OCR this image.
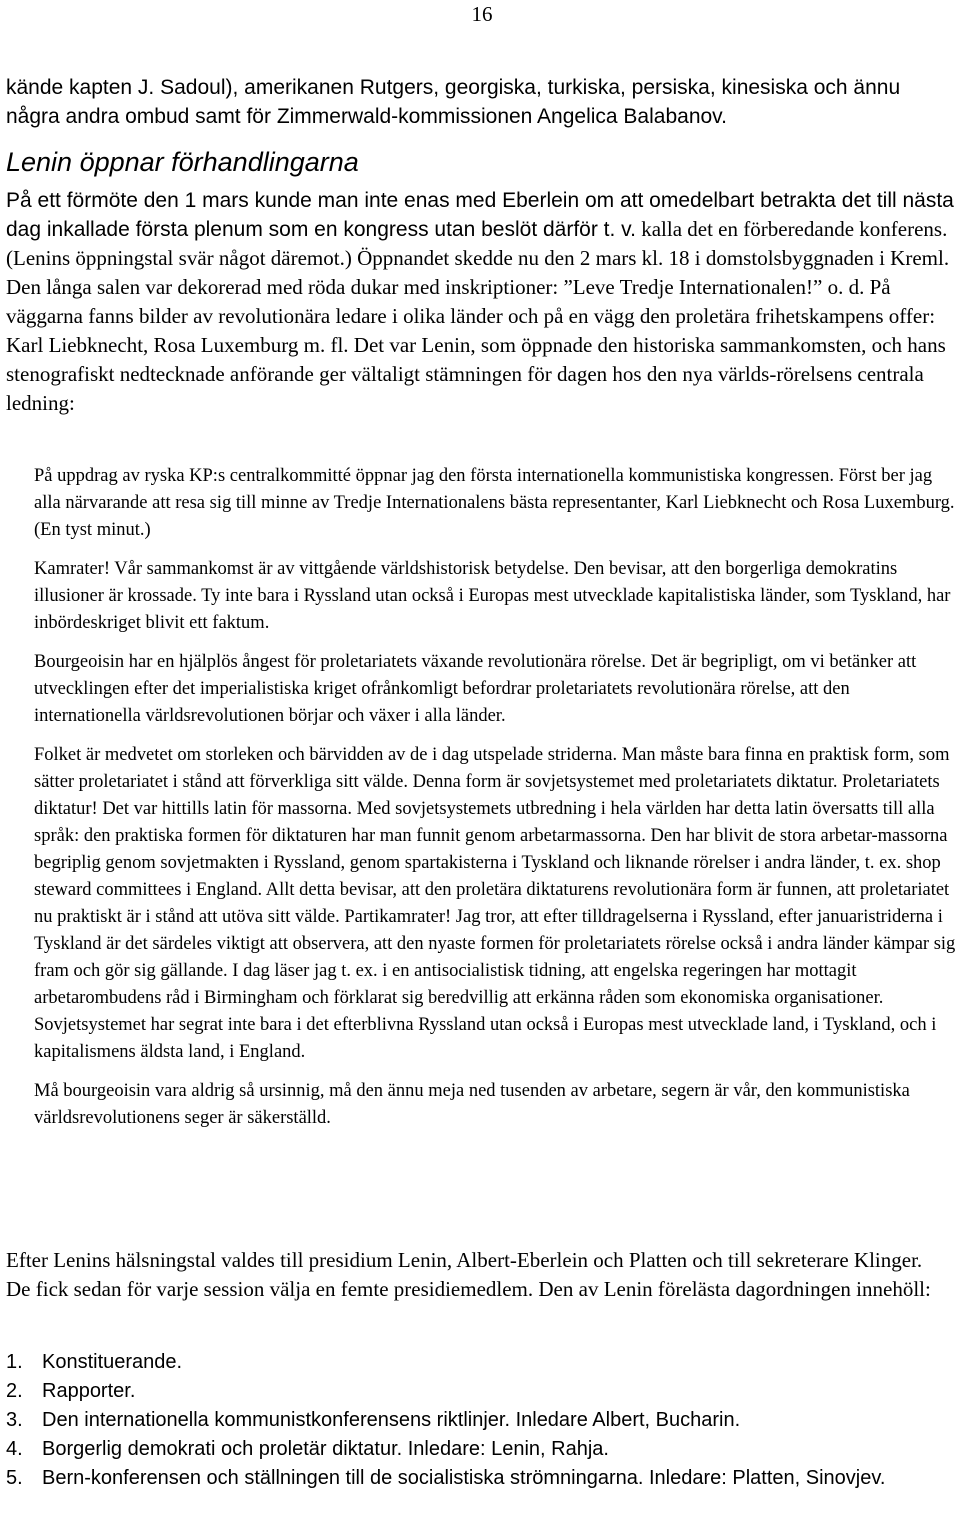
16

kände kapten J. Sadoul), amerikanen Rutgers, georgiska, turkiska, persiska, kinesiska och ännu några andra ombud samt för Zimmerwald-kommissionen Angelica Balabanov.

Lenin öppnar förhandlingarna

På ett förmöte den 1 mars kunde man inte enas med Eberlein om att omedelbart betrakta det till nästa dag inkallade första plenum som en kongress utan beslöt därför t. v. kalla det en förberedande konferens. (Lenins öppningstal svär något däremot.) Öppnandet skedde nu den 2 mars kl. 18 i domstolsbyggnaden i Kreml. Den långa salen var dekorerad med röda dukar med inskriptioner: ”Leve Tredje Internationalen!” o. d. På väggarna fanns bilder av revolutionära ledare i olika länder och på en vägg den proletära frihetskampens offer: Karl Liebknecht, Rosa Luxemburg m. fl. Det var Lenin, som öppnade den historiska sammankomsten, och hans stenografiskt nedtecknade anförande ger vältaligt stämningen för dagen hos den nya världs-rörelsens centrala ledning:

På uppdrag av ryska KP:s centralkommitté öppnar jag den första internationella kommunistiska kongressen. Först ber jag alla närvarande att resa sig till minne av Tredje Internationalens bästa representanter, Karl Liebknecht och Rosa Luxemburg. (En tyst minut.)

Kamrater! Vår sammankomst är av vittgående världshistorisk betydelse. Den bevisar, att den borgerliga demokratins illusioner är krossade. Ty inte bara i Ryssland utan också i Europas mest utvecklade kapitalistiska länder, som Tyskland, har inbördeskriget blivit ett faktum.

Bourgeoisin har en hjälplös ångest för proletariatets växande revolutionära rörelse. Det är begripligt, om vi betänker att utvecklingen efter det imperialistiska kriget ofrånkomligt befordrar proletariatets revolutionära rörelse, att den internationella världsrevolutionen börjar och växer i alla länder.

Folket är medvetet om storleken och bärvidden av de i dag utspelade striderna. Man måste bara finna en praktisk form, som sätter proletariatet i stånd att förverkliga sitt välde. Denna form är sovjetsystemet med proletariatets diktatur. Proletariatets diktatur! Det var hittills latin för massorna. Med sovjetsystemets utbredning i hela världen har detta latin översatts till alla språk: den praktiska formen för diktaturen har man funnit genom arbetarmassorna. Den har blivit de stora arbetar-massorna begriplig genom sovjetmakten i Ryssland, genom spartakisterna i Tyskland och liknande rörelser i andra länder, t. ex. shop steward committees i England. Allt detta bevisar, att den proletära diktaturens revolutionära form är funnen, att proletariatet nu praktiskt är i stånd att utöva sitt välde. Partikamrater! Jag tror, att efter tilldragelserna i Ryssland, efter januaristriderna i Tyskland är det särdeles viktigt att observera, att den nyaste formen för proletariatets rörelse också i andra länder kämpar sig fram och gör sig gällande. I dag läser jag t. ex. i en antisocialistisk tidning, att engelska regeringen har mottagit arbetarombudens råd i Birmingham och förklarat sig beredvillig att erkänna råden som ekonomiska organisationer. Sovjetsystemet har segrat inte bara i det efterblivna Ryssland utan också i Europas mest utvecklade land, i Tyskland, och i kapitalismens äldsta land, i England.

Må bourgeoisin vara aldrig så ursinnig, må den ännu meja ned tusenden av arbetare, segern är vår, den kommunistiska världsrevolutionens seger är säkerställd.

Efter Lenins hälsningstal valdes till presidium Lenin, Albert-Eberlein och Platten och till sekreterare Klinger. De fick sedan för varje session välja en femte presidiemedlem. Den av Lenin förelästa dagordningen innehöll:

1. Konstituerande.
2. Rapporter.
3. Den internationella kommunistkonferensens riktlinjer. Inledare Albert, Bucharin.
4. Borgerlig demokrati och proletär diktatur. Inledare: Lenin, Rahja.
5. Bern-konferensen och ställningen till de socialistiska strömningarna. Inledare: Platten, Sinovjev.
